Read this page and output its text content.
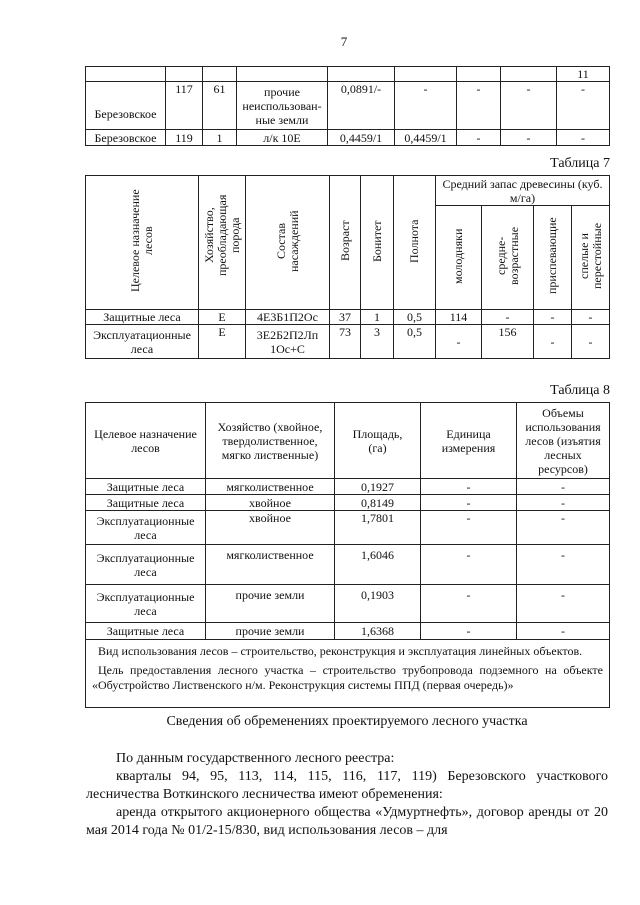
7
								11
Березовское	117	61	прочие неиспользован-ные земли	0,0891/-	-	-	-	-
Березовское	119	1	л/к 10Е	0,4459/1	0,4459/1	-	-	-
Таблица 7
Целевое назначение лесов	Хозяйство, преобладающая порода	Состав насаждений	Возраст	Бонитет	Полнота	Средний запас древесины (куб. м/га)			
						молодняки	средне-возрастные	приспевающие	спелые и перестойные
Защитные леса	Е	4Е3Б1П2Ос	37	1	0,5	114	-	-	-
Эксплуатационные леса	Е	3Е2Б2П2Лп 1Ос+С	73	3	0,5	-	156	-	-
Таблица 8
Целевое назначение лесов	Хозяйство (хвойное, твердолиственное, мягко лиственные)	Площадь, (га)	Единица измерения	Объемы использования лесов (изъятия лесных ресурсов)
Защитные леса	мягколиственное	0,1927	-	-
Защитные леса	хвойное	0,8149	-	-
Эксплуатационные леса	хвойное	1,7801	-	-
Эксплуатационные леса	мягколиственное	1,6046	-	-
Эксплуатационные леса	прочие земли	0,1903	-	-
Защитные леса	прочие земли	1,6368	-	-

Вид использования лесов – строительство, реконструкция и эксплуатация линейных объектов.
Цель предоставления лесного участка – строительство трубопровода подземного на объекте «Обустройство Лиственского н/м. Реконструкция системы ППД (первая очередь)»				
Сведения об обременениях проектируемого лесного участка
По данным государственного лесного реестра:
кварталы 94, 95, 113, 114, 115, 116, 117, 119) Березовского участкового лесничества Воткинского лесничества имеют обременения:
аренда открытого акционерного общества «Удмуртнефть», договор аренды от 20 мая 2014 года № 01/2-15/830, вид использования лесов – для
